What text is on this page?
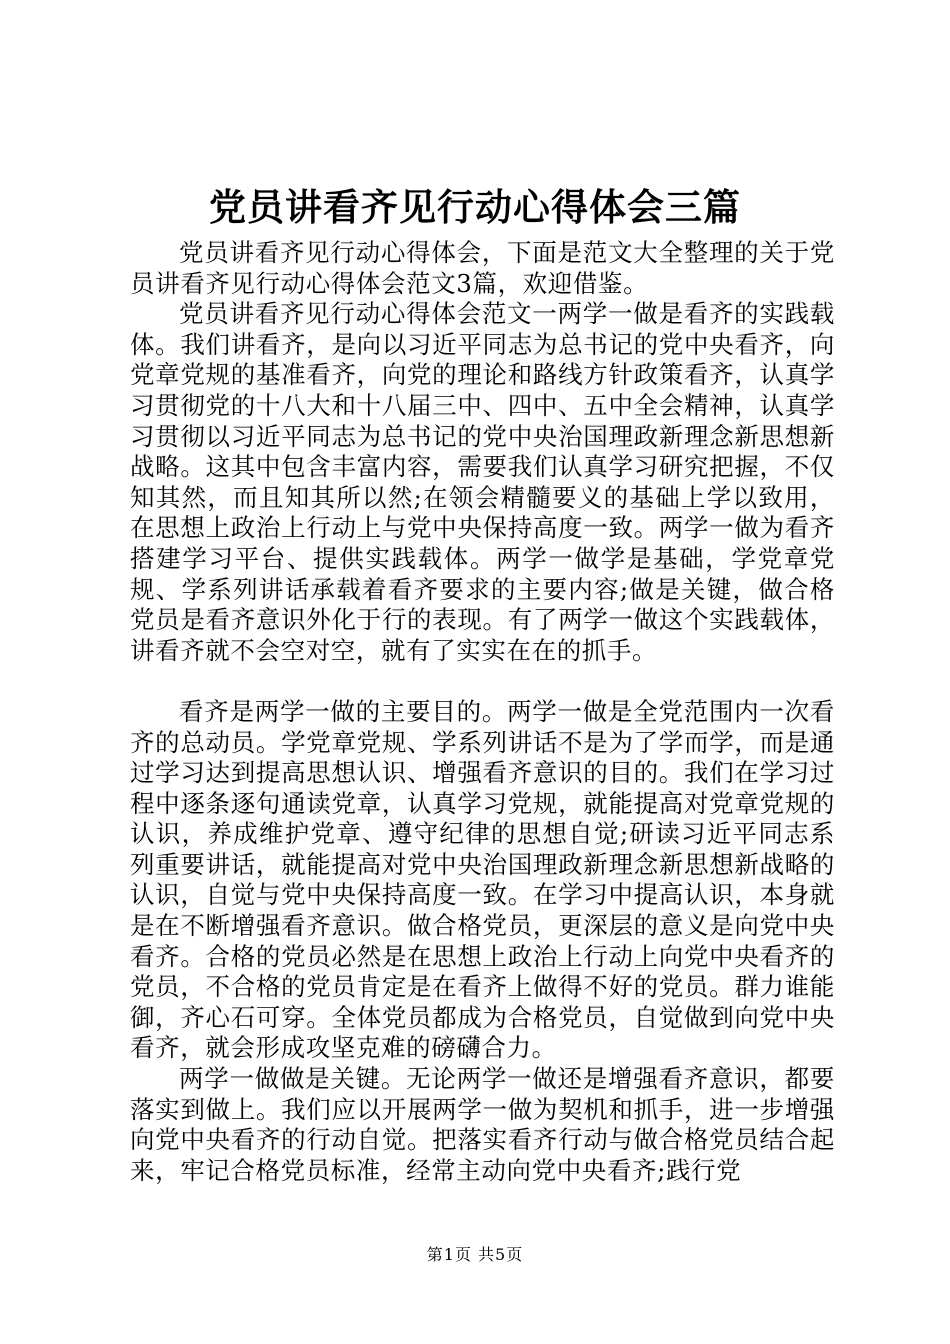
党员讲看齐见行动心得体会三篇

党员讲看齐见行动心得体会，下面是范文大全整理的关于党员讲看齐见行动心得体会范文3篇，欢迎借鉴。

党员讲看齐见行动心得体会范文一两学一做是看齐的实践载体。我们讲看齐，是向以习近平同志为总书记的党中央看齐，向党章党规的基准看齐，向党的理论和路线方针政策看齐，认真学习贯彻党的十八大和十八届三中、四中、五中全会精神，认真学习贯彻以习近平同志为总书记的党中央治国理政新理念新思想新战略。这其中包含丰富内容，需要我们认真学习研究把握，不仅知其然，而且知其所以然;在领会精髓要义的基础上学以致用，在思想上政治上行动上与党中央保持高度一致。两学一做为看齐搭建学习平台、提供实践载体。两学一做学是基础，学党章党规、学系列讲话承载着看齐要求的主要内容;做是关键，做合格党员是看齐意识外化于行的表现。有了两学一做这个实践载体，讲看齐就不会空对空，就有了实实在在的抓手。

看齐是两学一做的主要目的。两学一做是全党范围内一次看齐的总动员。学党章党规、学系列讲话不是为了学而学，而是通过学习达到提高思想认识、增强看齐意识的目的。我们在学习过程中逐条逐句通读党章，认真学习党规，就能提高对党章党规的认识，养成维护党章、遵守纪律的思想自觉;研读习近平同志系列重要讲话，就能提高对党中央治国理政新理念新思想新战略的认识，自觉与党中央保持高度一致。在学习中提高认识，本身就是在不断增强看齐意识。做合格党员，更深层的意义是向党中央看齐。合格的党员必然是在思想上政治上行动上向党中央看齐的党员，不合格的党员肯定是在看齐上做得不好的党员。群力谁能御，齐心石可穿。全体党员都成为合格党员，自觉做到向党中央看齐，就会形成攻坚克难的磅礴合力。

两学一做做是关键。无论两学一做还是增强看齐意识，都要落实到做上。我们应以开展两学一做为契机和抓手，进一步增强向党中央看齐的行动自觉。把落实看齐行动与做合格党员结合起来，牢记合格党员标准，经常主动向党中央看齐;践行党

第1页 共5页
